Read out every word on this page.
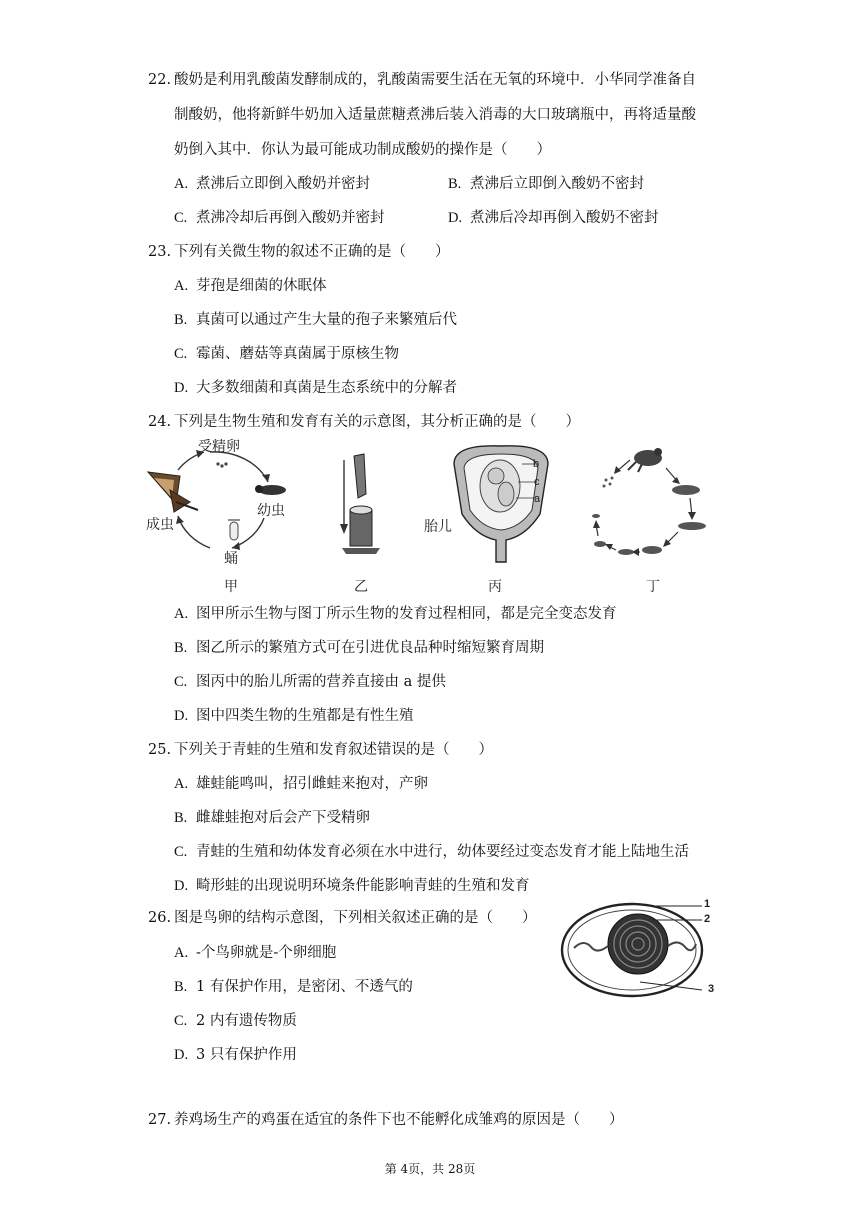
22. 酸奶是利用乳酸菌发酵制成的，乳酸菌需要生活在无氧的环境中．小华同学准备自
制酸奶，他将新鲜牛奶加入适量蔗糖煮沸后装入消毒的大口玻璃瓶中，再将适量酸
奶倒入其中．你认为最可能成功制成酸奶的操作是（　　）
A. 煮沸后立即倒入酸奶并密封	B. 煮沸后立即倒入酸奶不密封
C. 煮沸冷却后再倒入酸奶并密封	D. 煮沸后冷却再倒入酸奶不密封
23. 下列有关微生物的叙述不正确的是（　　）
A. 芽孢是细菌的休眠体
B. 真菌可以通过产生大量的孢子来繁殖后代
C. 霉菌、蘑菇等真菌属于原核生物
D. 大多数细菌和真菌是生态系统中的分解者
24. 下列是生物生殖和发育有关的示意图，其分析正确的是（　　）
受精卵
幼虫
蛹
成虫
b
c
a
胎儿
甲	乙	丙	丁
A. 图甲所示生物与图丁所示生物的发育过程相同，都是完全变态发育
B. 图乙所示的繁殖方式可在引进优良品种时缩短繁育周期
C. 图丙中的胎儿所需的营养直接由 a 提供
D. 图中四类生物的生殖都是有性生殖
25. 下列关于青蛙的生殖和发育叙述错误的是（　　）
A. 雄蛙能鸣叫，招引雌蛙来抱对，产卵
B. 雌雄蛙抱对后会产下受精卵
C. 青蛙的生殖和幼体发育必须在水中进行，幼体要经过变态发育才能上陆地生活
D. 畸形蛙的出现说明环境条件能影响青蛙的生殖和发育
26. 图是鸟卵的结构示意图，下列相关叙述正确的是（　　）
A. -个鸟卵就是-个卵细胞
B. 1 有保护作用，是密闭、不透气的
C. 2 内有遗传物质
D. 3 只有保护作用
1
2
3
27. 养鸡场生产的鸡蛋在适宜的条件下也不能孵化成雏鸡的原因是（　　）
第 4页，共 28页
